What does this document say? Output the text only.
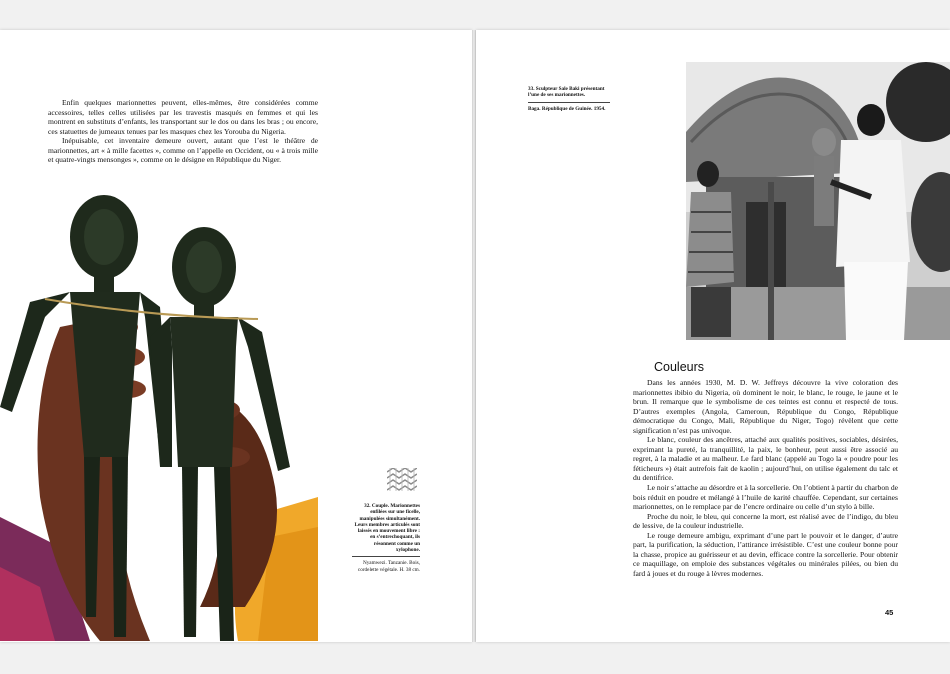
Enfin quelques marionnettes peuvent, elles-mêmes, être considérées comme accessoires, telles celles utilisées par les travestis masqués en femmes et qui les montrent en substituts d’enfants, les transportant sur le dos ou dans les bras ; ou encore, ces statuettes de jumeaux tenues par les masques chez les Yorouba du Nigeria.

Inépuisable, cet inventaire demeure ouvert, autant que l’est le théâtre de marionnettes, art « à mille facettes », comme on l’appelle en Occident, ou « à trois mille et quatre-vingts mensonges », comme on le désigne en République du Niger.

32. Couple. Marionnettes enfilées sur une ficelle, manipulées simultanément. Leurs membres articulés sont laissés en mouvement libre : en s’entrechoquant, ils résonnent comme un xylophone.
Nyamwezi. Tanzanie. Bois, cordelette végétale. H. 38 cm.
33. Sculpteur Sale Baki présentant l’une de ses marionnettes.
Baga. République de Guinée. 1954.
Couleurs

Dans les années 1930, M. D. W. Jeffreys découvre la vive coloration des marionnettes ibibio du Nigeria, où dominent le noir, le blanc, le rouge, le jaune et le brun. Il remarque que le symbolisme de ces teintes est connu et respecté de tous. D’autres exemples (Angola, Cameroun, République du Congo, République démocratique du Congo, Mali, République du Niger, Togo) révèlent que cette signification n’est pas univoque.

Le blanc, couleur des ancêtres, attaché aux qualités positives, sociables, désirées, exprimant la pureté, la tranquillité, la paix, le bonheur, peut aussi être associé au regret, à la maladie et au malheur. Le fard blanc (appelé au Togo la « poudre pour les féticheurs ») était autrefois fait de kaolin ; aujourd’hui, on utilise également du talc et du dentifrice.

Le noir s’attache au désordre et à la sorcellerie. On l’obtient à partir du charbon de bois réduit en poudre et mélangé à l’huile de karité chauffée. Cependant, sur certaines marionnettes, on le remplace par de l’encre ordinaire ou celle d’un stylo à bille.

Proche du noir, le bleu, qui concerne la mort, est réalisé avec de l’indigo, du bleu de lessive, de la couleur industrielle.

Le rouge demeure ambigu, exprimant d’une part le pouvoir et le danger, d’autre part, la purification, la séduction, l’attirance irrésistible. C’est une couleur bonne pour la chasse, propice au guérisseur et au devin, efficace contre la sorcellerie. Pour obtenir ce maquillage, on emploie des substances végétales ou minérales pilées, ou bien du fard à joues et du rouge à lèvres modernes.

45
